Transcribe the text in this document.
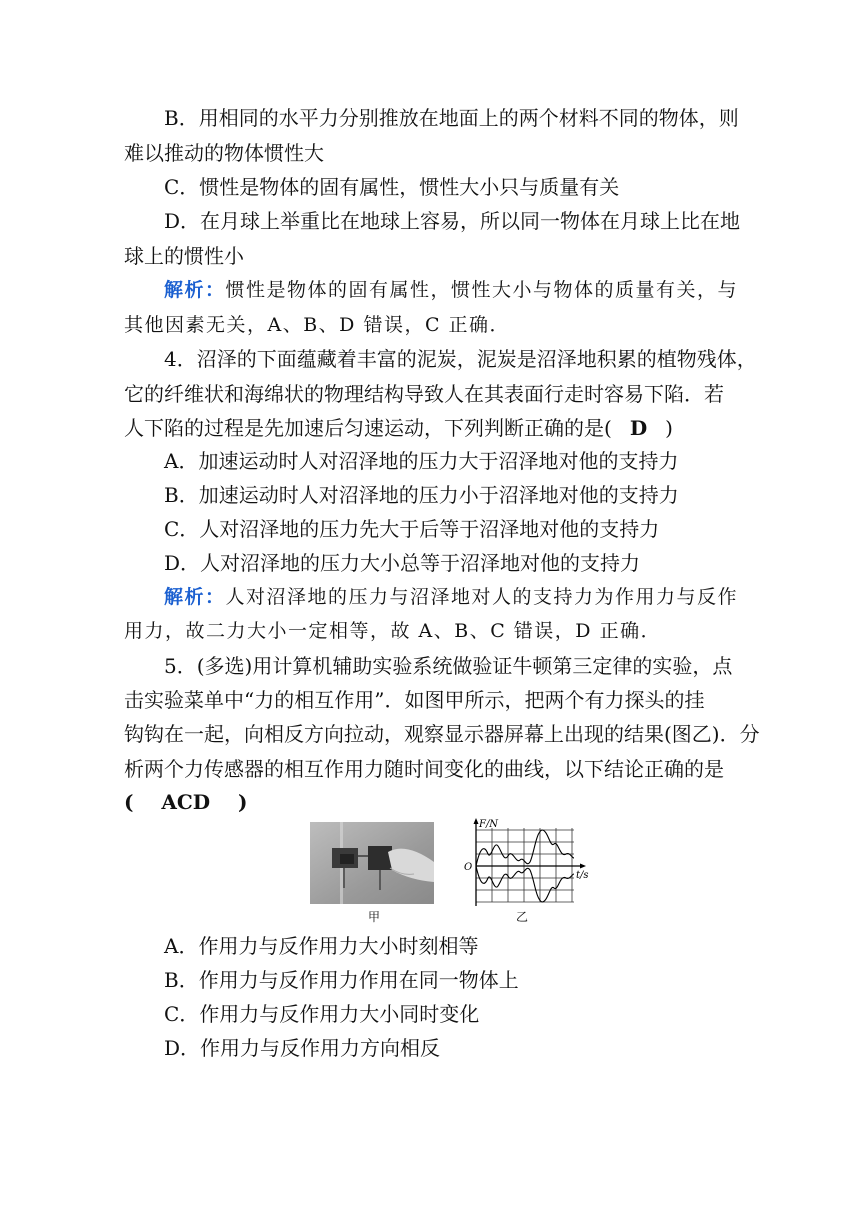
B．用相同的水平力分别推放在地面上的两个材料不同的物体，则
难以推动的物体惯性大
C．惯性是物体的固有属性，惯性大小只与质量有关
D．在月球上举重比在地球上容易，所以同一物体在月球上比在地
球上的惯性小
解析：惯性是物体的固有属性，惯性大小与物体的质量有关，与
其他因素无关，A、B、D 错误，C 正确．
4．沼泽的下面蕴藏着丰富的泥炭，泥炭是沼泽地积累的植物残体，
它的纤维状和海绵状的物理结构导致人在其表面行走时容易下陷．若
人下陷的过程是先加速后匀速运动，下列判断正确的是( D )
A．加速运动时人对沼泽地的压力大于沼泽地对他的支持力
B．加速运动时人对沼泽地的压力小于沼泽地对他的支持力
C．人对沼泽地的压力先大于后等于沼泽地对他的支持力
D．人对沼泽地的压力大小总等于沼泽地对他的支持力
解析：人对沼泽地的压力与沼泽地对人的支持力为作用力与反作
用力，故二力大小一定相等，故 A、B、C 错误，D 正确．
5．(多选)用计算机辅助实验系统做验证牛顿第三定律的实验，点
击实验菜单中“力的相互作用”．如图甲所示，把两个有力探头的挂
钩钩在一起，向相反方向拉动，观察显示器屏幕上出现的结果(图乙)．分
析两个力传感器的相互作用力随时间变化的曲线，以下结论正确的是
(    ACD    )
甲
F/N
O
t/s
乙
A．作用力与反作用力大小时刻相等
B．作用力与反作用力作用在同一物体上
C．作用力与反作用力大小同时变化
D．作用力与反作用力方向相反
